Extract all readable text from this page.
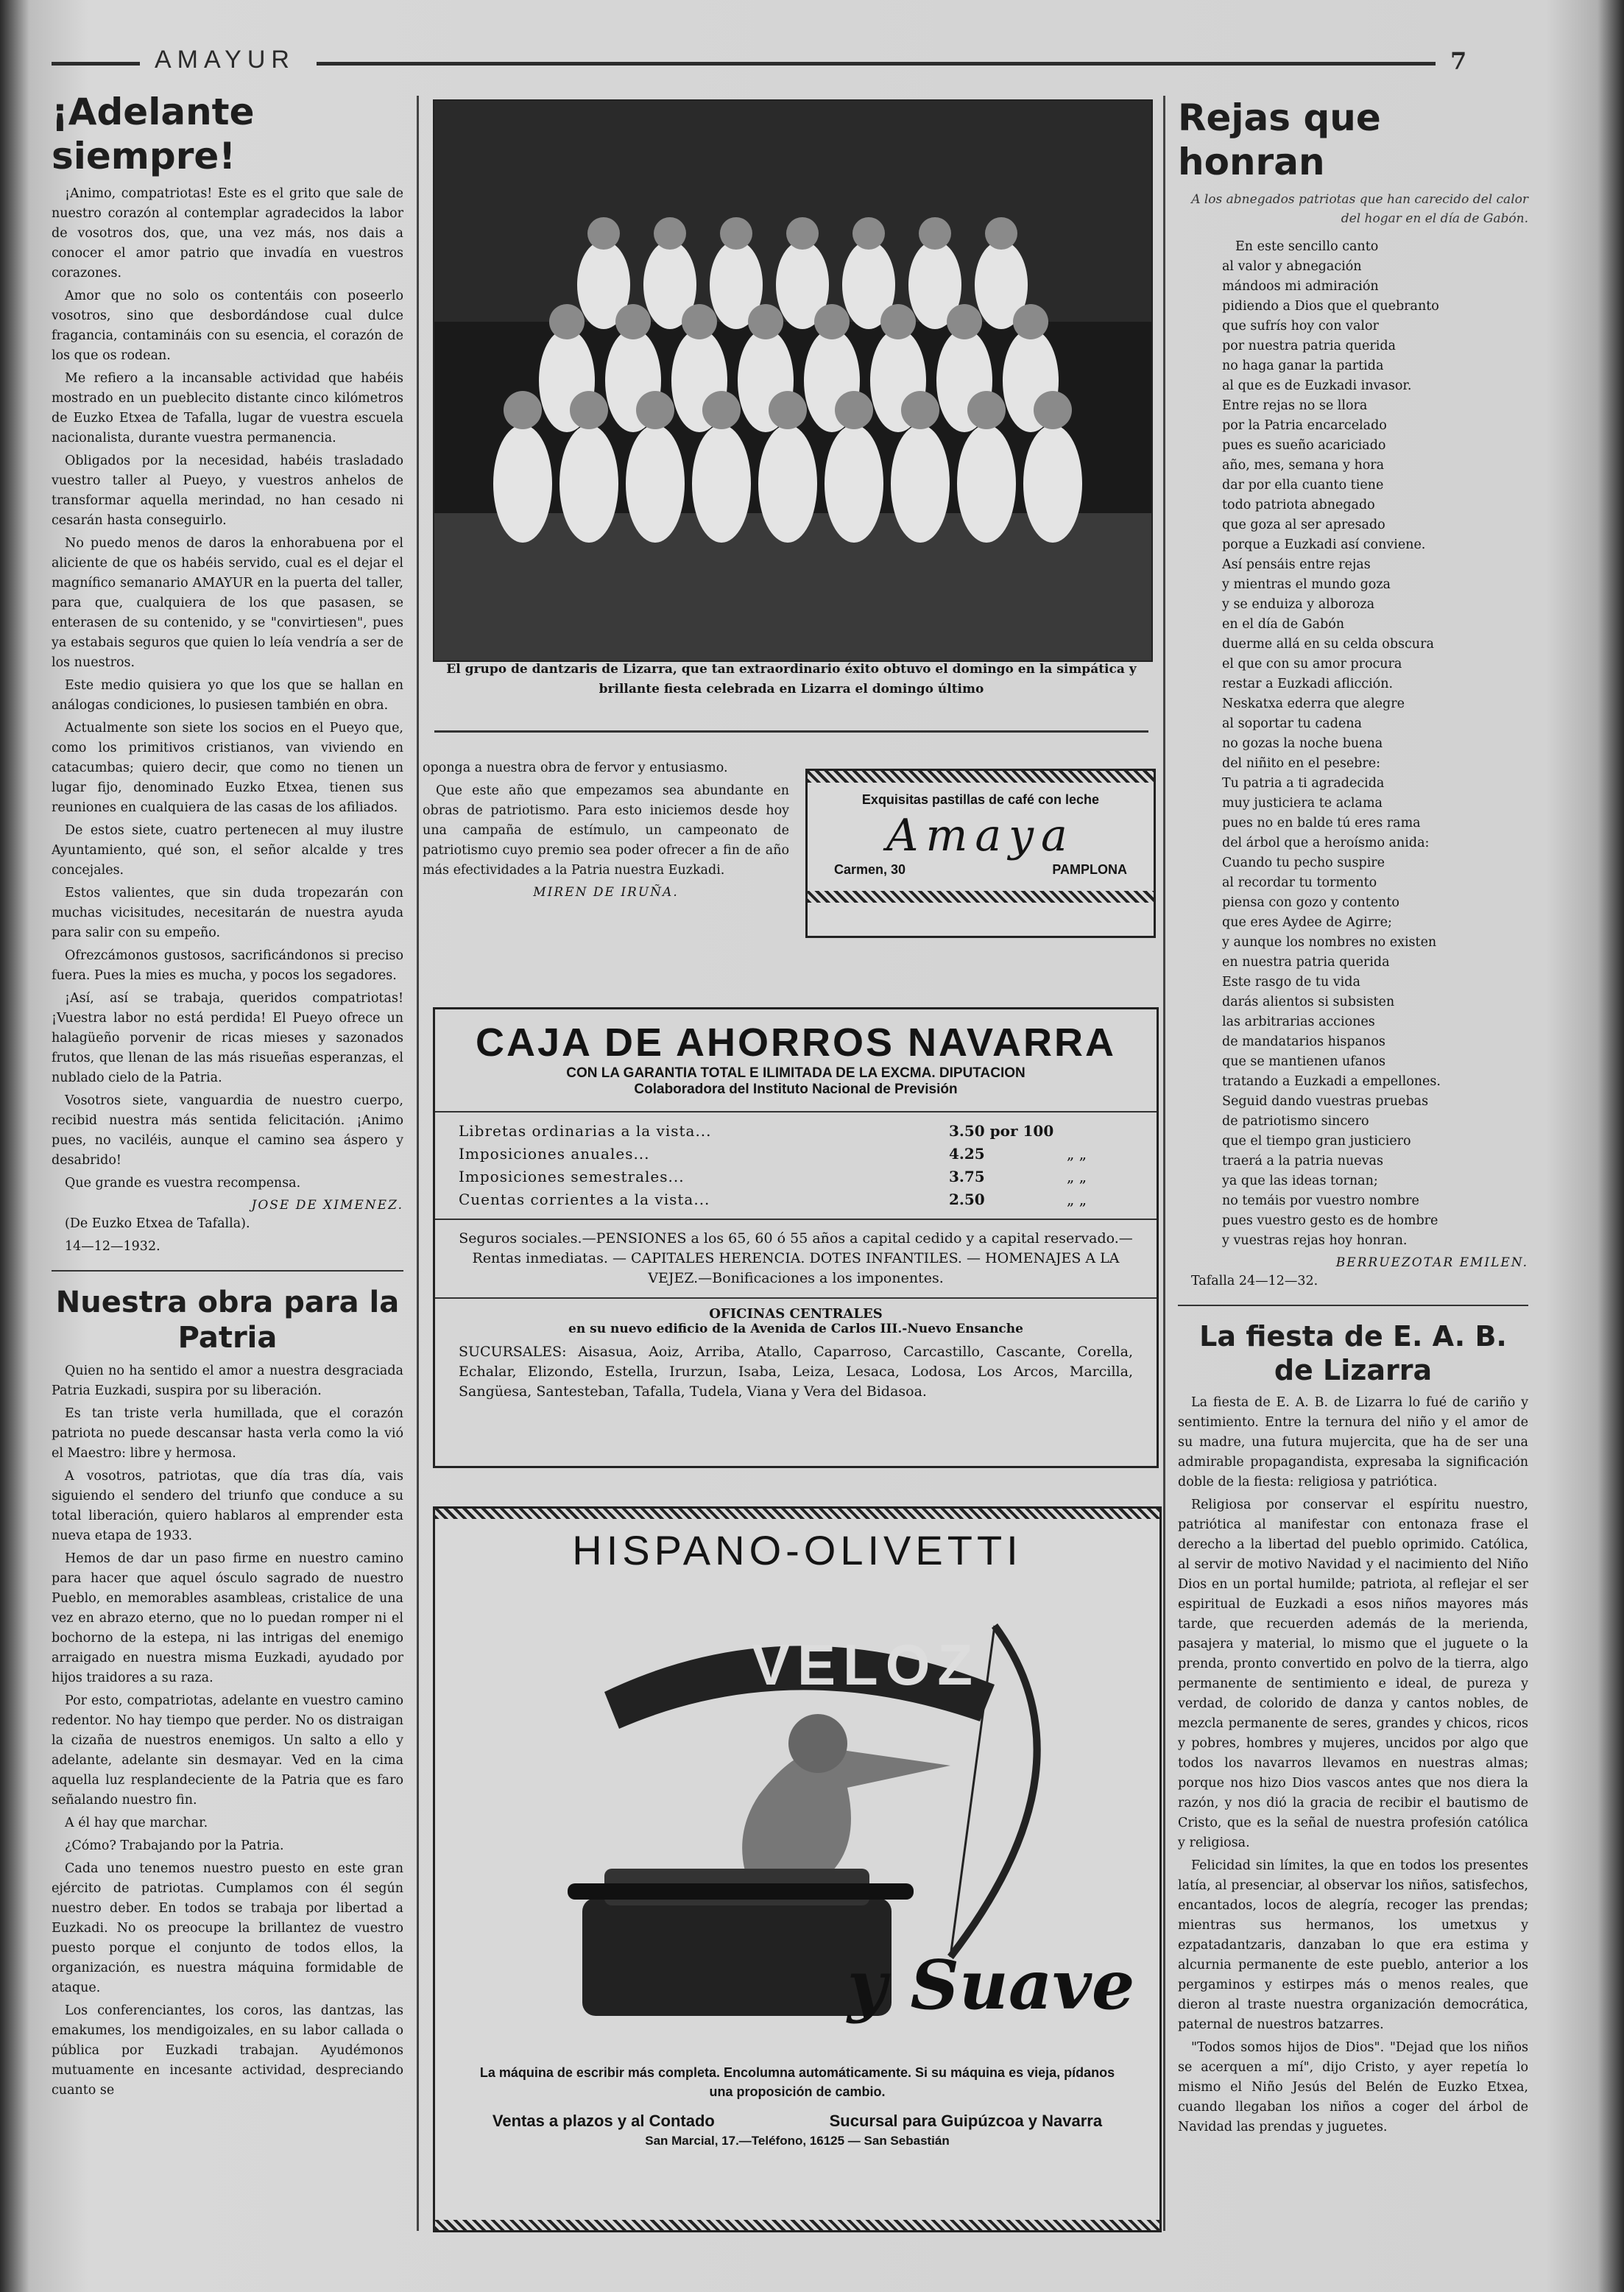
AMAYUR	7
¡Adelante siempre!

¡Animo, compatriotas! Este es el grito que sale de nuestro corazón al contemplar agradecidos la labor de vosotros dos, que, una vez más, nos dais a conocer el amor patrio que invadía en vuestros corazones.

Amor que no solo os contentáis con poseerlo vosotros, sino que desbordándose cual dulce fragancia, contamináis con su esencia, el corazón de los que os rodean.

Me refiero a la incansable actividad que habéis mostrado en un pueblecito distante cinco kilómetros de Euzko Etxea de Tafalla, lugar de vuestra escuela nacionalista, durante vuestra permanencia.

Obligados por la necesidad, habéis trasladado vuestro taller al Pueyo, y vuestros anhelos de transformar aquella merindad, no han cesado ni cesarán hasta conseguirlo.

No puedo menos de daros la enhorabuena por el aliciente de que os habéis servido, cual es el dejar el magnífico semanario AMAYUR en la puerta del taller, para que, cualquiera de los que pasasen, se enterasen de su contenido, y se "convirtiesen", pues ya estabais seguros que quien lo leía vendría a ser de los nuestros.

Este medio quisiera yo que los que se hallan en análogas condiciones, lo pusiesen también en obra.

Actualmente son siete los socios en el Pueyo que, como los primitivos cristianos, van viviendo en catacumbas; quiero decir, que como no tienen un lugar fijo, denominado Euzko Etxea, tienen sus reuniones en cualquiera de las casas de los afiliados.

De estos siete, cuatro pertenecen al muy ilustre Ayuntamiento, qué son, el señor alcalde y tres concejales.

Estos valientes, que sin duda tropezarán con muchas vicisitudes, necesitarán de nuestra ayuda para salir con su empeño.

Ofrezcámonos gustosos, sacrificándonos si preciso fuera. Pues la mies es mucha, y pocos los segadores.

¡Así, así se trabaja, queridos compatriotas! ¡Vuestra labor no está perdida! El Pueyo ofrece un halagüeño porvenir de ricas mieses y sazonados frutos, que llenan de las más risueñas esperanzas, el nublado cielo de la Patria.

Vosotros siete, vanguardia de nuestro cuerpo, recibid nuestra más sentida felicitación. ¡Animo pues, no vaciléis, aunque el camino sea áspero y desabrido!

Que grande es vuestra recompensa.

JOSE DE XIMENEZ.

(De Euzko Etxea de Tafalla).

14—12—1932.

Nuestra obra para la Patria

Quien no ha sentido el amor a nuestra desgraciada Patria Euzkadi, suspira por su liberación.

Es tan triste verla humillada, que el corazón patriota no puede descansar hasta verla como la vió el Maestro: libre y hermosa.

A vosotros, patriotas, que día tras día, vais siguiendo el sendero del triunfo que conduce a su total liberación, quiero hablaros al emprender esta nueva etapa de 1933.

Hemos de dar un paso firme en nuestro camino para hacer que aquel ósculo sagrado de nuestro Pueblo, en memorables asambleas, cristalice de una vez en abrazo eterno, que no lo puedan romper ni el bochorno de la estepa, ni las intrigas del enemigo arraigado en nuestra misma Euzkadi, ayudado por hijos traidores a su raza.

Por esto, compatriotas, adelante en vuestro camino redentor. No hay tiempo que perder. No os distraigan la cizaña de nuestros enemigos. Un salto a ello y adelante, adelante sin desmayar. Ved en la cima aquella luz resplandeciente de la Patria que es faro señalando nuestro fin.

A él hay que marchar.

¿Cómo? Trabajando por la Patria.

Cada uno tenemos nuestro puesto en este gran ejército de patriotas. Cumplamos con él según nuestro deber. En todos se trabaja por libertad a Euzkadi. No os preocupe la brillantez de vuestro puesto porque el conjunto de todos ellos, la organización, es nuestra máquina formidable de ataque.

Los conferenciantes, los coros, las dantzas, las emakumes, los mendigoizales, en su labor callada o pública por Euzkadi trabajan. Ayudémonos mutuamente en incesante actividad, despreciando cuanto se

El grupo de dantzaris de Lizarra, que tan extraordinario éxito obtuvo el domingo en la simpática y brillante fiesta celebrada en Lizarra el domingo último

oponga a nuestra obra de fervor y entusiasmo.

Que este año que empezamos sea abundante en obras de patriotismo. Para esto iniciemos desde hoy una campaña de estímulo, un campeonato de patriotismo cuyo premio sea poder ofrecer a fin de año más efectividades a la Patria nuestra Euzkadi.

MIREN DE IRUÑA.
Exquisitas pastillas de café con leche
Amaya
Carmen, 30	PAMPLONA
CAJA DE AHORROS NAVARRA
CON LA GARANTIA TOTAL E ILIMITADA DE LA EXCMA. DIPUTACION
Colaboradora del Instituto Nacional de Previsión
Libretas ordinarias a la vista...	3.50 por 100
Imposiciones anuales...	4.25	„ „
Imposiciones semestrales...	3.75	„ „
Cuentas corrientes a la vista...	2.50	„ „
Seguros sociales.—PENSIONES a los 65, 60 ó 55 años a capital cedido y a capital reservado.—Rentas inmediatas. — CAPITALES HERENCIA. DOTES INFANTILES. — HOMENAJES A LA VEJEZ.—Bonificaciones a los imponentes.
OFICINAS CENTRALES
en su nuevo edificio de la Avenida de Carlos III.-Nuevo Ensanche
SUCURSALES: Aisasua, Aoiz, Arriba, Atallo, Caparroso, Carcastillo, Cascante, Corella, Echalar, Elizondo, Estella, Irurzun, Isaba, Leiza, Lesaca, Lodosa, Los Arcos, Marcilla, Sangüesa, Santesteban, Tafalla, Tudela, Viana y Vera del Bidasoa.
HISPANO-OLIVETTI
VELOZ
y Suave
La máquina de escribir más completa. Encolumna automáticamente. Si su máquina es vieja, pídanos una proposición de cambio.
Ventas a plazos y al Contado	Sucursal para Guipúzcoa y Navarra
San Marcial, 17.—Teléfono, 16125 — San Sebastián
Rejas que honran
A los abnegados patriotas que han carecido del calor del hogar en el día de Gabón.

En este sencillo canto
al valor y abnegación
mándoos mi admiración
pidiendo a Dios que el quebranto
que sufrís hoy con valor
por nuestra patria querida
no haga ganar la partida
al que es de Euzkadi invasor.
Entre rejas no se llora
por la Patria encarcelado
pues es sueño acariciado
año, mes, semana y hora
dar por ella cuanto tiene
todo patriota abnegado
que goza al ser apresado
porque a Euzkadi así conviene.
Así pensáis entre rejas
y mientras el mundo goza
y se enduiza y alboroza
en el día de Gabón
duerme allá en su celda obscura
el que con su amor procura
restar a Euzkadi aflicción.
Neskatxa ederra que alegre
al soportar tu cadena
no gozas la noche buena
del niñito en el pesebre:
Tu patria a ti agradecida
muy justiciera te aclama
pues no en balde tú eres rama
del árbol que a heroísmo anida:
Cuando tu pecho suspire
al recordar tu tormento
piensa con gozo y contento
que eres Aydee de Agirre;
y aunque los nombres no existen
en nuestra patria querida
Este rasgo de tu vida
darás alientos si subsisten
las arbitrarias acciones
de mandatarios hispanos
que se mantienen ufanos
tratando a Euzkadi a empellones.
Seguid dando vuestras pruebas
de patriotismo sincero
que el tiempo gran justiciero
traerá a la patria nuevas
ya que las ideas tornan;
no temáis por vuestro nombre
pues vuestro gesto es de hombre
y vuestras rejas hoy honran.

BERRUEZOTAR EMILEN.

Tafalla 24—12—32.

La fiesta de E. A. B. de Lizarra

La fiesta de E. A. B. de Lizarra lo fué de cariño y sentimiento. Entre la ternura del niño y el amor de su madre, una futura mujercita, que ha de ser una admirable propagandista, expresaba la significación doble de la fiesta: religiosa y patriótica.

Religiosa por conservar el espíritu nuestro, patriótica al manifestar con entonaza frase el derecho a la libertad del pueblo oprimido. Católica, al servir de motivo Navidad y el nacimiento del Niño Dios en un portal humilde; patriota, al reflejar el ser espiritual de Euzkadi a esos niños mayores más tarde, que recuerden además de la merienda, pasajera y material, lo mismo que el juguete o la prenda, pronto convertido en polvo de la tierra, algo permanente de sentimiento e ideal, de pureza y verdad, de colorido de danza y cantos nobles, de mezcla permanente de seres, grandes y chicos, ricos y pobres, hombres y mujeres, uncidos por algo que todos los navarros llevamos en nuestras almas; porque nos hizo Dios vascos antes que nos diera la razón, y nos dió la gracia de recibir el bautismo de Cristo, que es la señal de nuestra profesión católica y religiosa.

Felicidad sin límites, la que en todos los presentes latía, al presenciar, al observar los niños, satisfechos, encantados, locos de alegría, recoger las prendas; mientras sus hermanos, los umetxus y ezpatadantzaris, danzaban lo que era estima y alcurnia permanente de este pueblo, anterior a los pergaminos y estirpes más o menos reales, que dieron al traste nuestra organización democrática, paternal de nuestros batzarres.

"Todos somos hijos de Dios". "Dejad que los niños se acerquen a mí", dijo Cristo, y ayer repetía lo mismo el Niño Jesús del Belén de Euzko Etxea, cuando llegaban los niños a coger del árbol de Navidad las prendas y juguetes.
